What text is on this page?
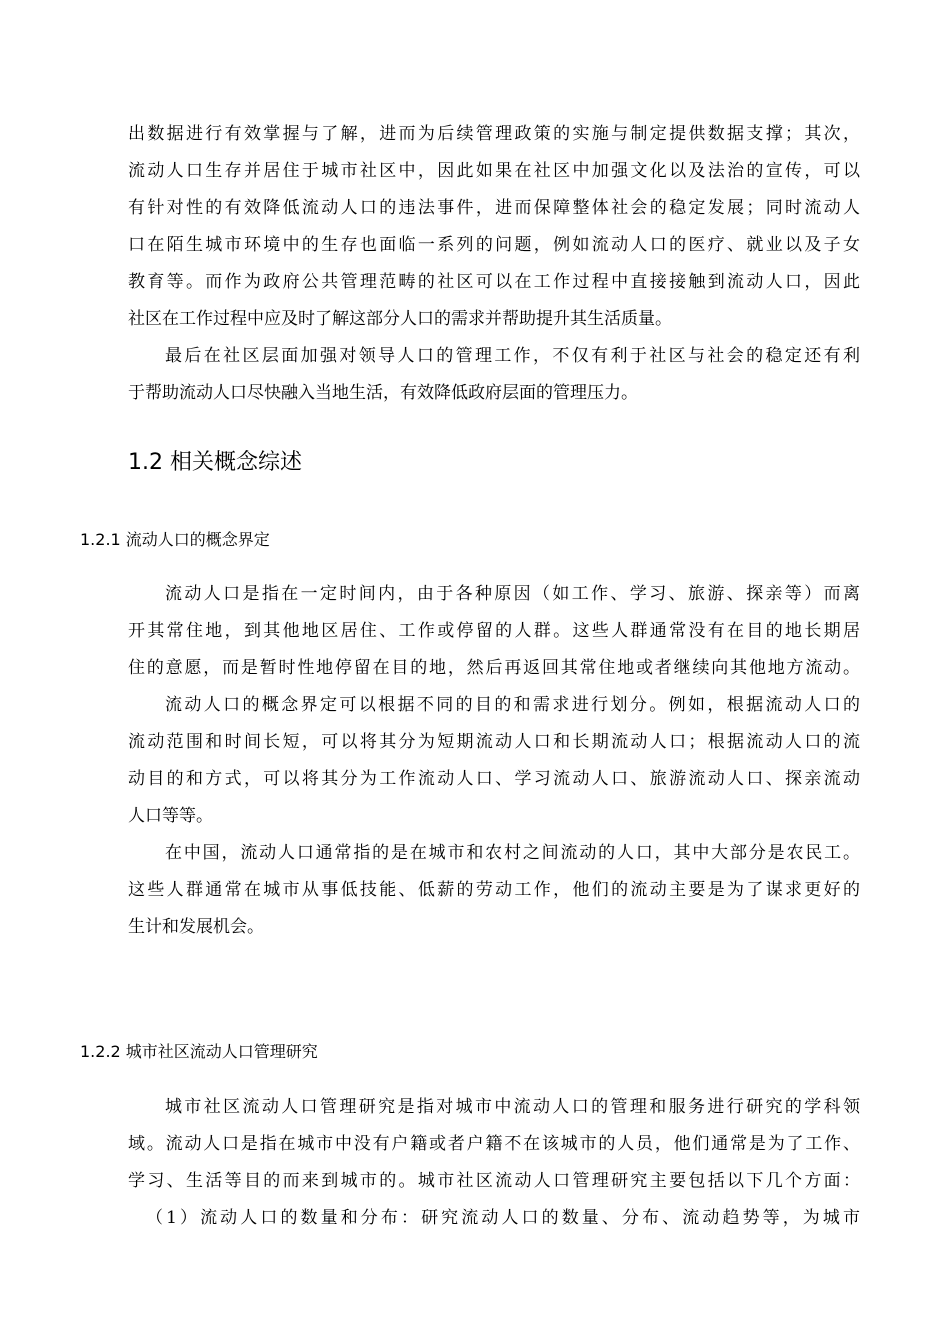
出数据进行有效掌握与了解，进而为后续管理政策的实施与制定提供数据支撑；其次，
流动人口生存并居住于城市社区中，因此如果在社区中加强文化以及法治的宣传，可以
有针对性的有效降低流动人口的违法事件，进而保障整体社会的稳定发展；同时流动人
口在陌生城市环境中的生存也面临一系列的问题，例如流动人口的医疗、就业以及子女
教育等。而作为政府公共管理范畴的社区可以在工作过程中直接接触到流动人口，因此
社区在工作过程中应及时了解这部分人口的需求并帮助提升其生活质量。
最后在社区层面加强对领导人口的管理工作，不仅有利于社区与社会的稳定还有利
于帮助流动人口尽快融入当地生活，有效降低政府层面的管理压力。
1.2 相关概念综述
1.2.1 流动人口的概念界定
流动人口是指在一定时间内，由于各种原因（如工作、学习、旅游、探亲等）而离
开其常住地，到其他地区居住、工作或停留的人群。这些人群通常没有在目的地长期居
住的意愿，而是暂时性地停留在目的地，然后再返回其常住地或者继续向其他地方流动。
流动人口的概念界定可以根据不同的目的和需求进行划分。例如，根据流动人口的
流动范围和时间长短，可以将其分为短期流动人口和长期流动人口；根据流动人口的流
动目的和方式，可以将其分为工作流动人口、学习流动人口、旅游流动人口、探亲流动
人口等等。
在中国，流动人口通常指的是在城市和农村之间流动的人口，其中大部分是农民工。
这些人群通常在城市从事低技能、低薪的劳动工作，他们的流动主要是为了谋求更好的
生计和发展机会。
1.2.2 城市社区流动人口管理研究
城市社区流动人口管理研究是指对城市中流动人口的管理和服务进行研究的学科领
域。流动人口是指在城市中没有户籍或者户籍不在该城市的人员，他们通常是为了工作、
学习、生活等目的而来到城市的。城市社区流动人口管理研究主要包括以下几个方面：
（1）流动人口的数量和分布：研究流动人口的数量、分布、流动趋势等，为城市
